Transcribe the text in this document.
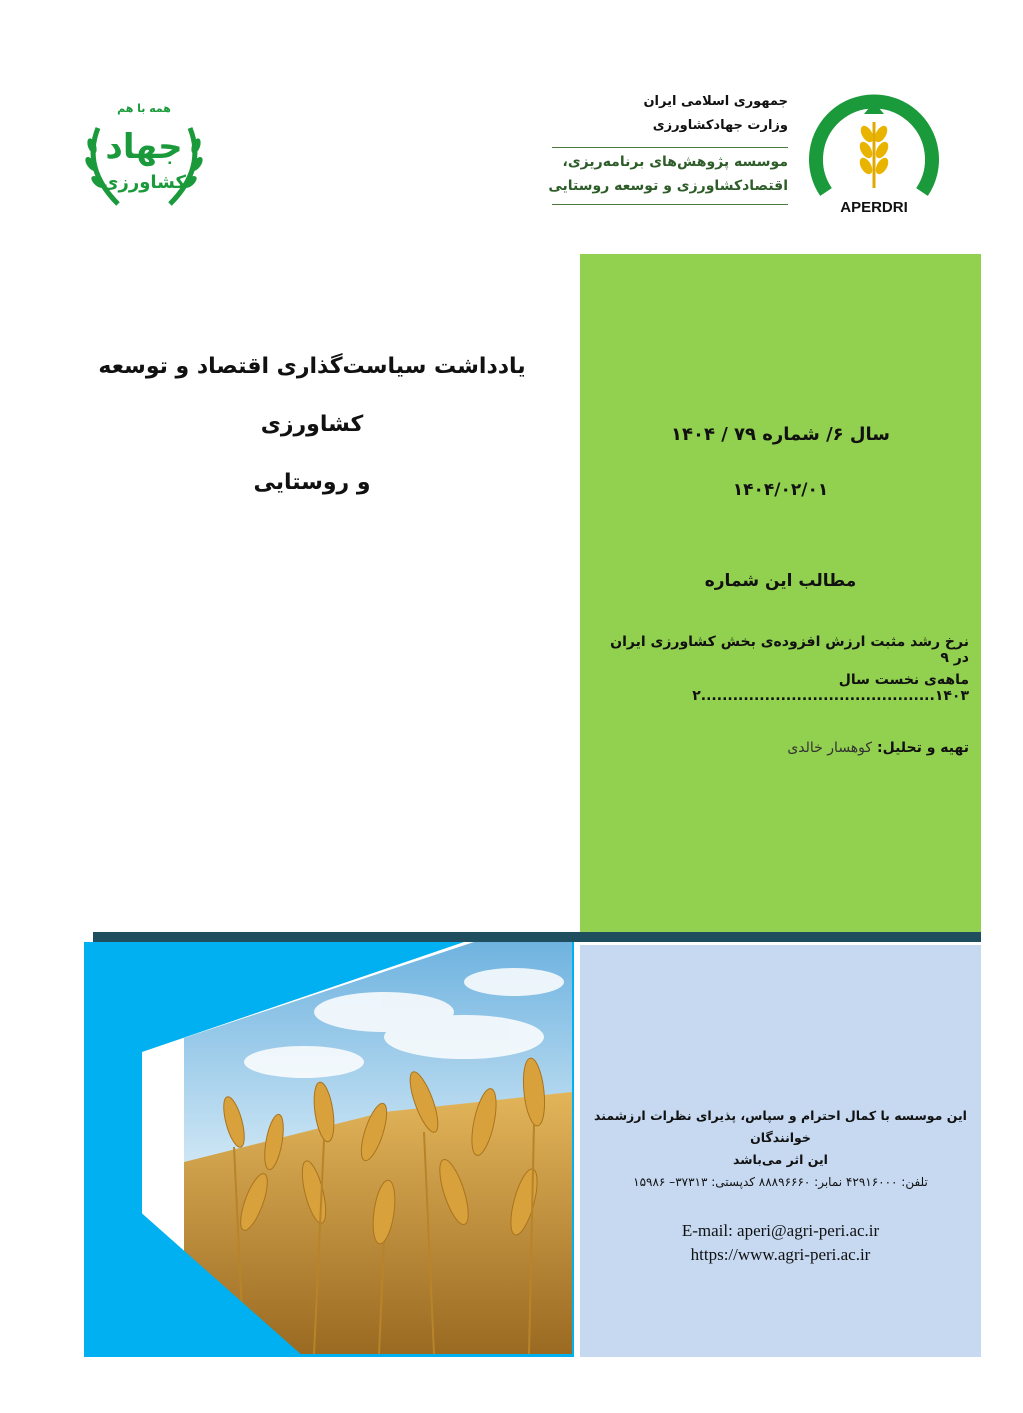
همه با هم
جهاد
کشاورزی
جمهوری اسلامی ایران
وزارت جهادکشاورزی
موسسه پژوهش‌های برنامه‌ریزی،
اقتصادکشاورزی و توسعه روستایی
APERDRI
یادداشت سیاست‌گذاری اقتصاد و توسعه کشاورزی
و روستایی
سال ۶/ شماره ۷۹ / ۱۴۰۴
۱۴۰۴/۰۲/۰۱
مطالب این شماره
نرخ رشد مثبت ارزش افزوده‌ی بخش کشاورزی ایران در ۹
ماهه‌ی نخست سال ۱۴۰۳............................................۲
تهیه و تحلیل: کوهسار خالدی
این موسسه با کمال احترام و سپاس، پذیرای نظرات ارزشمند خوانندگان
این اثر می‌باشد
تلفن: ۴۲۹۱۶۰۰۰ نمابر: ۸۸۸۹۶۶۶۰ کدپستی: ۳۷۳۱۳– ۱۵۹۸۶
E-mail: aperi@agri-peri.ac.ir
https://www.agri-peri.ac.ir
